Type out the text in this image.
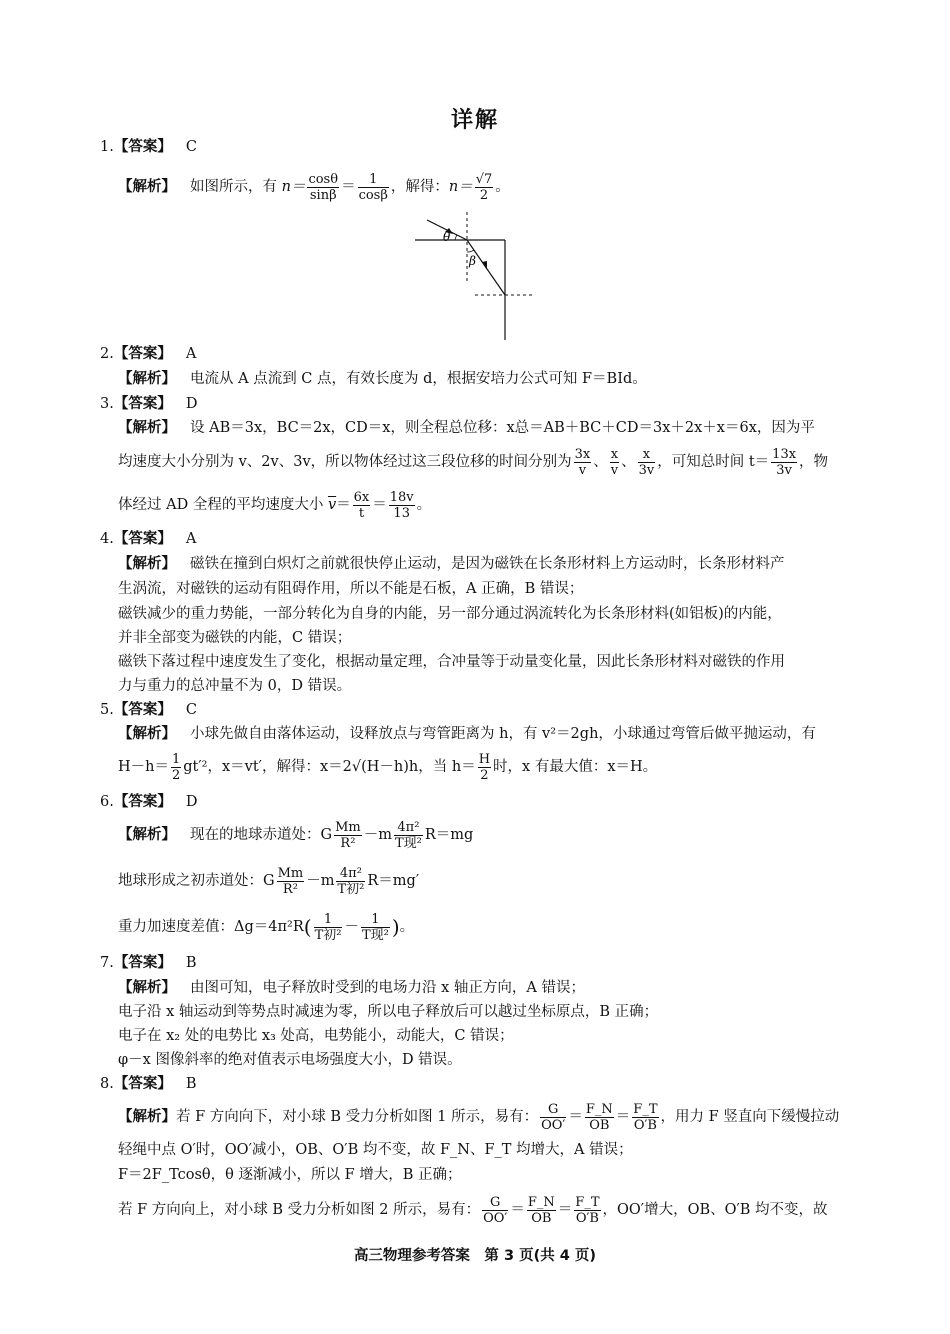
详解
1.【答案】 C
【解析】 如图所示，有 $n= \frac{\cos\theta}{\sin\beta} = \frac{1}{\cos\beta}$ ，解得：$n= \frac{√7}{2}$ 。
θ
β
2.【答案】 A
【解析】 电流从 A 点流到 C 点，有效长度为 d，根据安培力公式可知 F＝BId。
3.【答案】 D
【解析】 设 AB＝3x，BC＝2x，CD＝x，则全程总位移：x总＝AB＋BC＋CD＝3x＋2x＋x＝6x，因为平
均速度大小分别为 v、2v、3v，所以物体经过这三段位移的时间分别为 $\frac{3x}{v}$ 、 $\frac{x}{v}$ 、 $\frac{x}{3v}$ ，可知总时间 $t= \frac{13x}{3v}$ ，物
体经过 AD 全程的平均速度大小 $\overline{v}= \frac{6x}{t} = \frac{18v}{13}$ 。
4.【答案】 A
【解析】 磁铁在撞到白炽灯之前就很快停止运动，是因为磁铁在长条形材料上方运动时，长条形材料产
生涡流，对磁铁的运动有阻碍作用，所以不能是石板，A 正确，B 错误；
磁铁减少的重力势能，一部分转化为自身的内能，另一部分通过涡流转化为长条形材料(如铝板)的内能，
并非全部变为磁铁的内能，C 错误；
磁铁下落过程中速度发生了变化，根据动量定理，合冲量等于动量变化量，因此长条形材料对磁铁的作用
力与重力的总冲量不为 0，D 错误。
5.【答案】 C
【解析】 小球先做自由落体运动，设释放点与弯管距离为 h，有 v²＝2gh，小球通过弯管后做平抛运动，有
$H-h= \frac{1}{2} gt'^2$，x＝vt′，解得：x＝2√(H－h)h，当 $h= \frac{H}{2}$ 时，x 有最大值：x＝H。
6.【答案】 D
【解析】 现在的地球赤道处：G $\frac{Mm}{\text{R²}} -m \frac{\text{4π²}}{\text{T现²}} R=mg$
地球形成之初赤道处：G $\frac{Mm}{\text{R²}} -m \frac{\text{4π²}}{\text{T初²}} R=mg'$
重力加速度差值：$\Delta g=4\pi^2R( \frac{1}{\text{T初²}} - \frac{1}{\text{T现²}}$ )。
7.【答案】 B
【解析】 由图可知，电子释放时受到的电场力沿 x 轴正方向，A 错误；
电子沿 x 轴运动到等势点时减速为零，所以电子释放后可以越过坐标原点，B 正确；
电子在 x₂ 处的电势比 x₃ 处高，电势能小，动能大，C 错误；
φ－x 图像斜率的绝对值表示电场强度大小，D 错误。
8.【答案】 B
【解析】若 F 方向向下，对小球 B 受力分析如图 1 所示，易有： $\frac{G}{OO'} = \frac{F\_N}{OB} = \frac{F\_T}{O'B}$ ，用力 F 竖直向下缓慢拉动
轻绳中点 O′时，OO′减小，OB、O′B 均不变，故 F_N、F_T 均增大，A 错误；
F＝2F_Tcosθ，θ 逐渐减小，所以 F 增大，B 正确；
若 F 方向向上，对小球 B 受力分析如图 2 所示，易有： $\frac{G}{OO'} = \frac{F\_N}{OB} = \frac{F\_T}{O'B}$ ，OO′增大，OB、O′B 均不变，故
高三物理参考答案　第 3 页(共 4 页)
